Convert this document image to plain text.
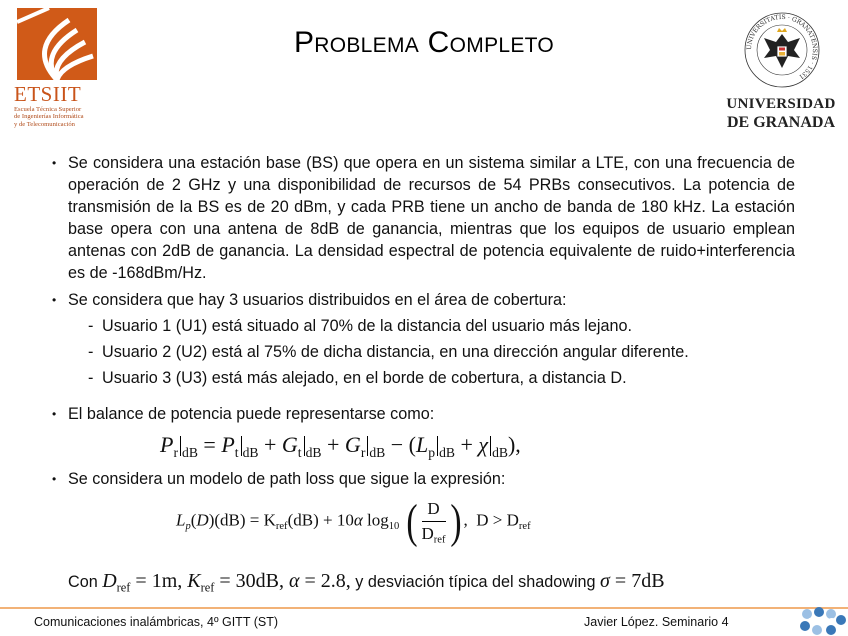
ETSIIT
Escuela Técnica Superior
de Ingenierías Informática
y de Telecomunicación
Problema Completo	UNIVERSITATIS · GRANATENSIS · 1531
UNIVERSIDAD
DE GRANADA
• Se considera una estación base (BS) que opera en un sistema similar a LTE, con una frecuencia de operación de 2 GHz y una disponibilidad de recursos de 54 PRBs consecutivos. La potencia de transmisión de la BS es de 20 dBm, y cada PRB tiene un ancho de banda de 180 kHz. La estación base opera con una antena de 8dB de ganancia, mientras que los equipos de usuario emplean antenas con 2dB de ganancia. La densidad espectral de potencia equivalente de ruido+interferencia es de -168dBm/Hz.
• Se considera que hay 3 usuarios distribuidos en el área de cobertura:
- Usuario 1 (U1) está situado al 70% de la distancia del usuario más lejano.
- Usuario 2 (U2) está al 75% de dicha distancia, en una dirección angular diferente.
- Usuario 3 (U3) está más alejado, en el borde de cobertura, a distancia D.
• El balance de potencia puede representarse como:
$P_r$ $_{dB} = P_t$ $_{dB} + G_t$ $_{dB} + G_r$ $_{dB} - (L_p$ $_{dB}$ + χ $_{dB}$),
• Se considera un modelo de path loss que sigue la expresión:
$L_p(D)(dB) = K_{ref}(dB) + 10\alpha$ $\log_{10}$ ( $\frac{D}{D_{ref}}$ ) ,  $D > D_{ref}$
Con $D_{ref} = 1m$, $K_{ref} = 30dB$, α = 2.8, y desviación típica del shadowing σ = 7dB
Comunicaciones inalámbricas, 4º GITT (ST)	Javier López. Seminario 4	TSTC
